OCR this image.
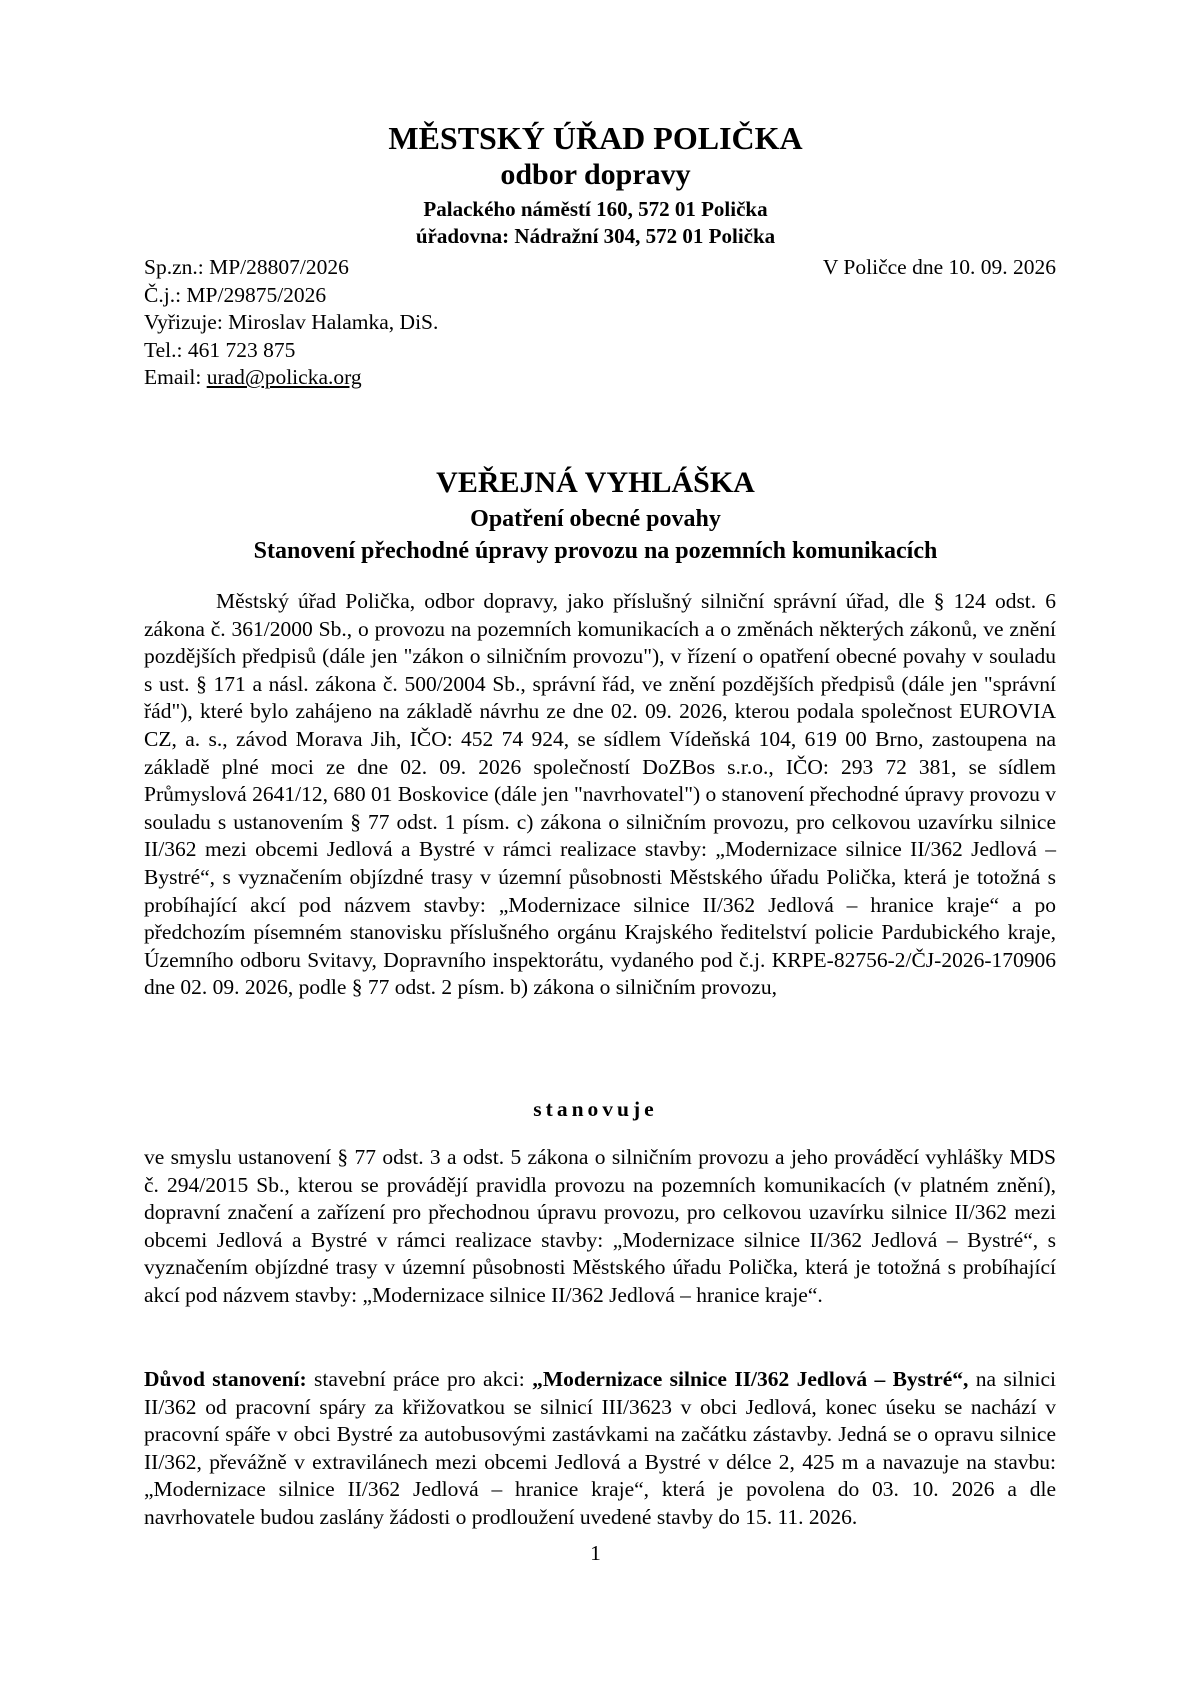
MĚSTSKÝ ÚŘAD POLIČKA
odbor dopravy
Palackého náměstí 160, 572 01 Polička
úřadovna: Nádražní 304, 572 01 Polička
Sp.zn.: MP/28807/2026
Č.j.: MP/29875/2026
Vyřizuje: Miroslav Halamka, DiS.
Tel.: 461 723 875
Email: urad@policka.org
V Poličce dne 10. 09. 2026
VEŘEJNÁ VYHLÁŠKA
Opatření obecné povahy
Stanovení přechodné úpravy provozu na pozemních komunikacích
Městský úřad Polička, odbor dopravy, jako příslušný silniční správní úřad, dle § 124 odst. 6 zákona č. 361/2000 Sb., o provozu na pozemních komunikacích a o změnách některých zákonů, ve znění pozdějších předpisů (dále jen "zákon o silničním provozu"), v řízení o opatření obecné povahy v souladu s ust. § 171 a násl. zákona č. 500/2004 Sb., správní řád, ve znění pozdějších předpisů (dále jen "správní řád"), které bylo zahájeno na základě návrhu ze dne 02. 09. 2026, kterou podala společnost EUROVIA CZ, a. s., závod Morava Jih, IČO: 452 74 924, se sídlem Vídeňská 104, 619 00 Brno, zastoupena na základě plné moci ze dne 02. 09. 2026 společností DoZBos s.r.o., IČO: 293 72 381, se sídlem Průmyslová 2641/12, 680 01 Boskovice (dále jen "navrhovatel") o stanovení přechodné úpravy provozu v souladu s ustanovením § 77 odst. 1 písm. c) zákona o silničním provozu, pro celkovou uzavírku silnice II/362 mezi obcemi Jedlová a Bystré v rámci realizace stavby: „Modernizace silnice II/362 Jedlová – Bystré“, s vyznačením objízdné trasy v územní působnosti Městského úřadu Polička, která je totožná s probíhající akcí pod názvem stavby: „Modernizace silnice II/362 Jedlová – hranice kraje“ a po předchozím písemném stanovisku příslušného orgánu Krajského ředitelství policie Pardubického kraje, Územního odboru Svitavy, Dopravního inspektorátu, vydaného pod č.j. KRPE-82756-2/ČJ-2026-170906 dne 02. 09. 2026, podle § 77 odst. 2 písm. b) zákona o silničním provozu,
stanovuje
ve smyslu ustanovení § 77 odst. 3 a odst. 5 zákona o silničním provozu a jeho prováděcí vyhlášky MDS č. 294/2015 Sb., kterou se provádějí pravidla provozu na pozemních komunikacích (v platném znění), dopravní značení a zařízení pro přechodnou úpravu provozu, pro celkovou uzavírku silnice II/362 mezi obcemi Jedlová a Bystré v rámci realizace stavby: „Modernizace silnice II/362 Jedlová – Bystré“, s vyznačením objízdné trasy v územní působnosti Městského úřadu Polička, která je totožná s probíhající akcí pod názvem stavby: „Modernizace silnice II/362 Jedlová – hranice kraje“.
Důvod stanovení: stavební práce pro akci: „Modernizace silnice II/362 Jedlová – Bystré“, na silnici II/362 od pracovní spáry za křižovatkou se silnicí III/3623 v obci Jedlová, konec úseku se nachází v pracovní spáře v obci Bystré za autobusovými zastávkami na začátku zástavby. Jedná se o opravu silnice II/362, převážně v extravilánech mezi obcemi Jedlová a Bystré v délce 2, 425 m a navazuje na stavbu: „Modernizace silnice II/362 Jedlová – hranice kraje“, která je povolena do 03. 10. 2026 a dle navrhovatele budou zaslány žádosti o prodloužení uvedené stavby do 15. 11. 2026.
1
